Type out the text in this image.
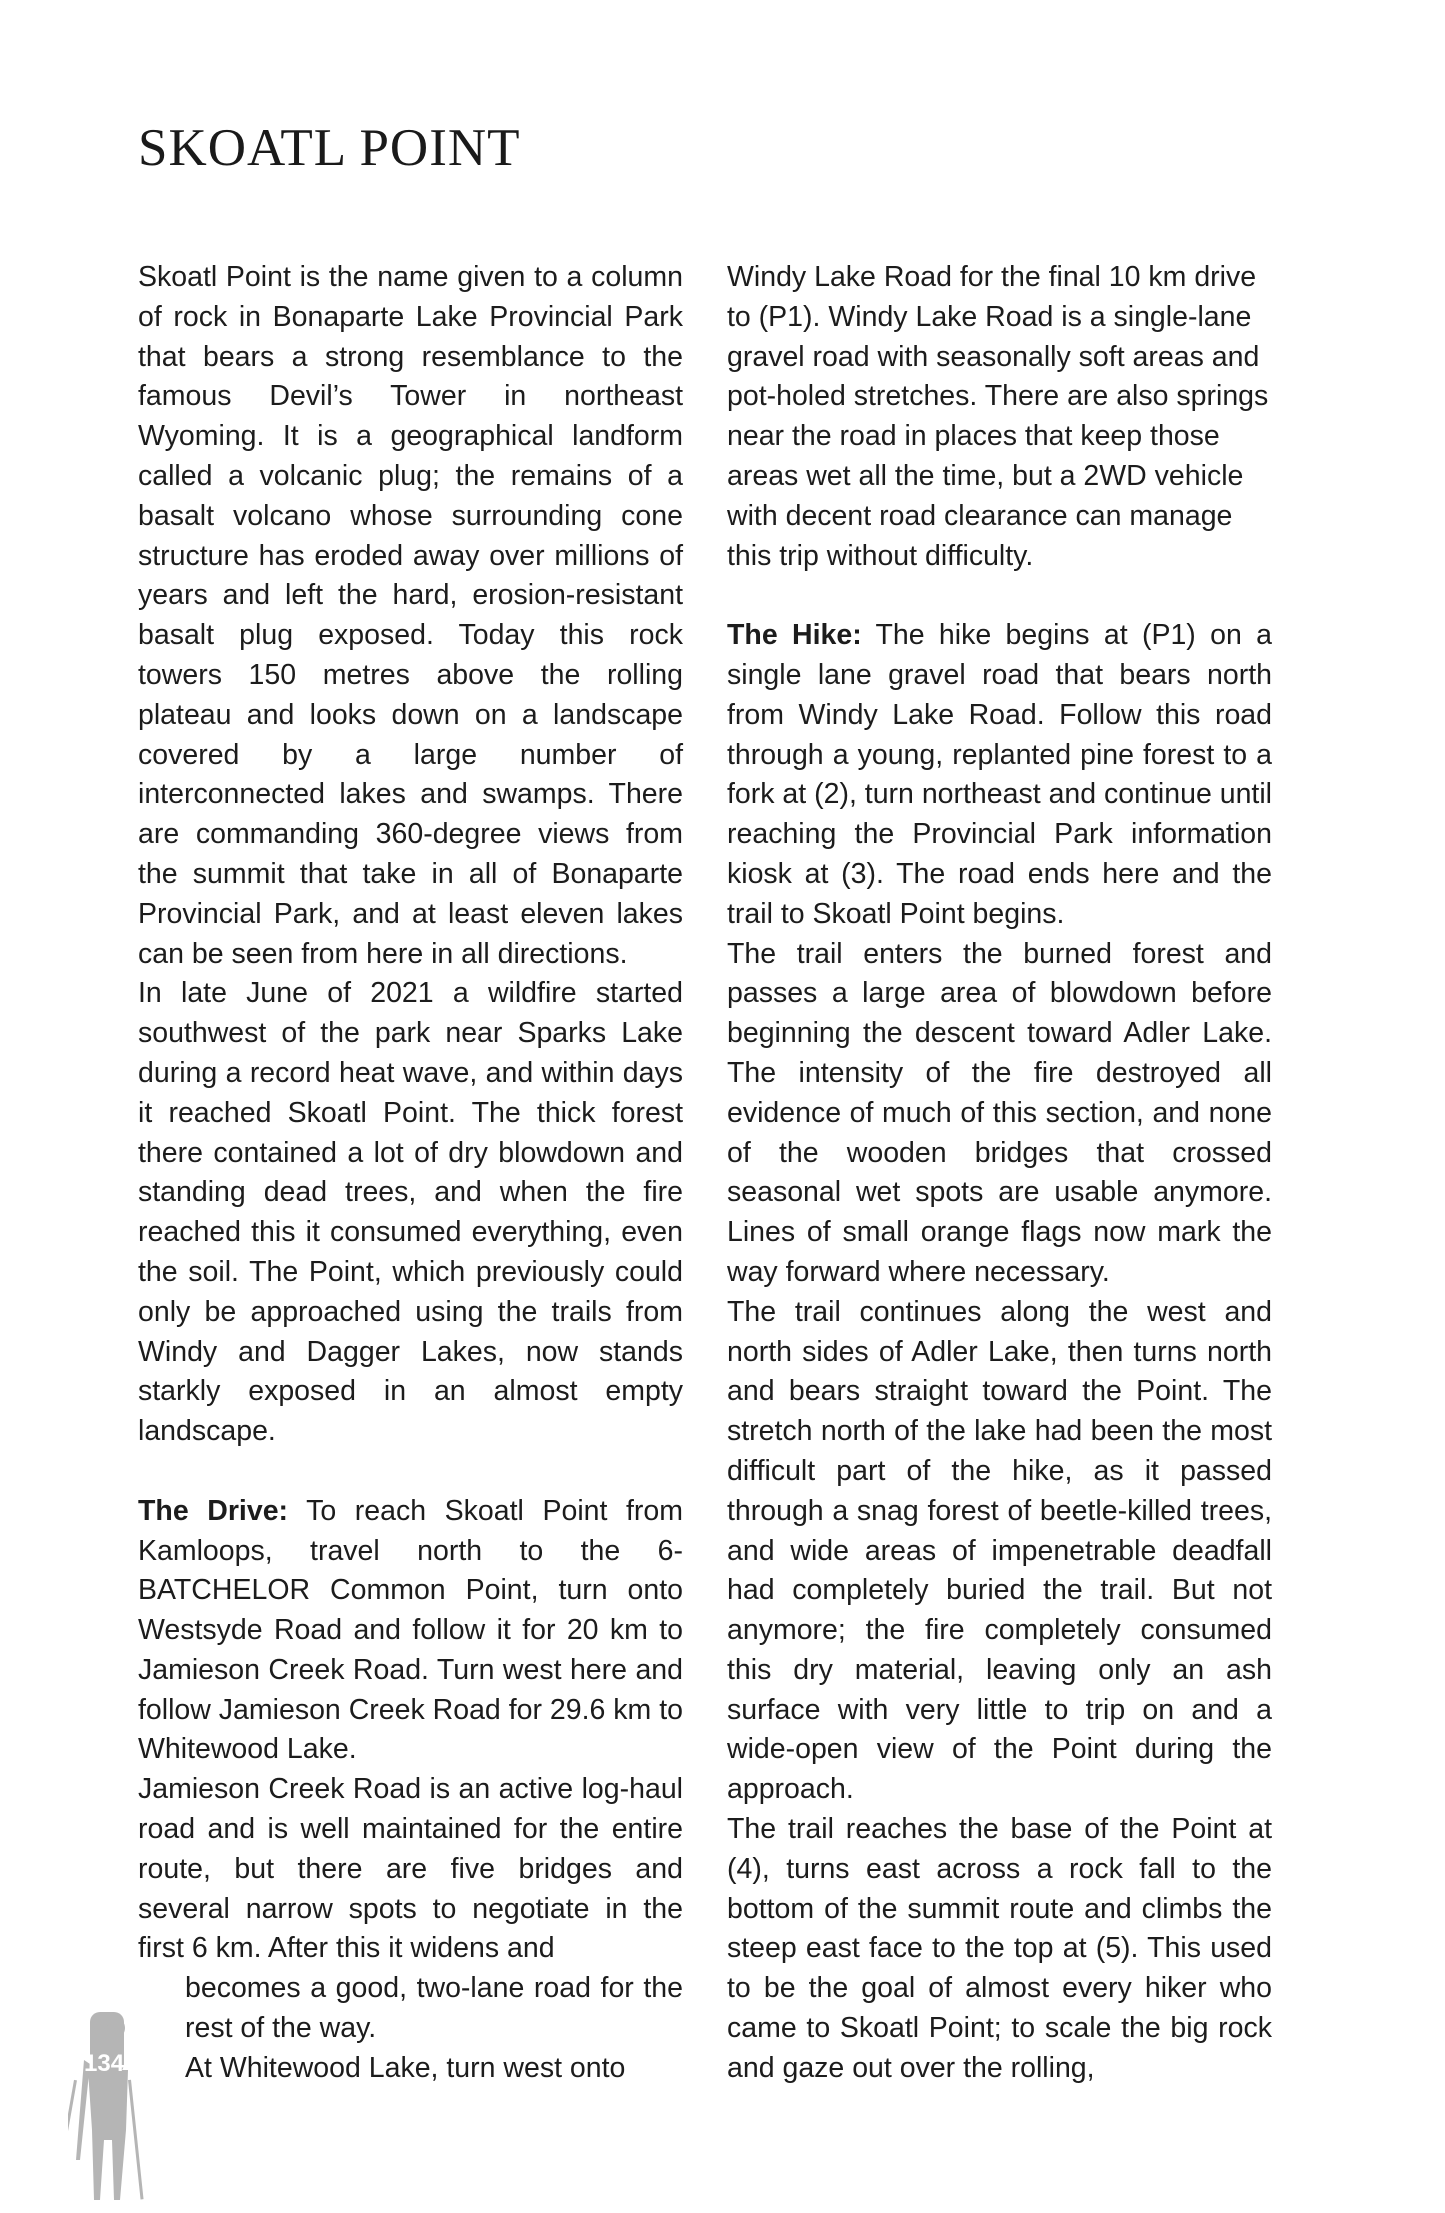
SKOATL POINT

Skoatl Point is the name given to a column of rock in Bonaparte Lake Provincial Park that bears a strong resemblance to the famous Devil’s Tower in northeast Wyoming. It is a geographical landform called a volcanic plug; the remains of a basalt volcano whose surrounding cone structure has eroded away over millions of years and left the hard, erosion-resistant basalt plug exposed. Today this rock towers 150 metres above the rolling plateau and looks down on a landscape covered by a large number of interconnected lakes and swamps. There are commanding 360-degree views from the summit that take in all of Bonaparte Provincial Park, and at least eleven lakes can be seen from here in all directions.

In late June of 2021 a wildfire started southwest of the park near Sparks Lake during a record heat wave, and within days it reached Skoatl Point. The thick forest there contained a lot of dry blowdown and standing dead trees, and when the fire reached this it consumed everything, even the soil. The Point, which previously could only be approached using the trails from Windy and Dagger Lakes, now stands starkly exposed in an almost empty landscape.

The Drive: To reach Skoatl Point from Kamloops, travel north to the 6-BATCHELOR Common Point, turn onto Westsyde Road and follow it for 20 km to Jamieson Creek Road. Turn west here and follow Jamieson Creek Road for 29.6 km to Whitewood Lake.

Jamieson Creek Road is an active log-haul road and is well maintained for the entire route, but there are five bridges and several narrow spots to negotiate in the first 6 km. After this it widens and

becomes a good, two-lane road for the rest of the way.

At Whitewood Lake, turn west onto

Windy Lake Road for the final 10 km drive to (P1). Windy Lake Road is a single-lane gravel road with seasonally soft areas and pot-holed stretches. There are also springs near the road in places that keep those areas wet all the time, but a 2WD vehicle with decent road clearance can manage this trip without difficulty.

The Hike: The hike begins at (P1) on a single lane gravel road that bears north from Windy Lake Road. Follow this road through a young, replanted pine forest to a fork at (2), turn northeast and continue until reaching the Provincial Park information kiosk at (3). The road ends here and the trail to Skoatl Point begins.

The trail enters the burned forest and passes a large area of blowdown before beginning the descent toward Adler Lake. The intensity of the fire destroyed all evidence of much of this section, and none of the wooden bridges that crossed seasonal wet spots are usable anymore. Lines of small orange flags now mark the way forward where necessary.

The trail continues along the west and north sides of Adler Lake, then turns north and bears straight toward the Point. The stretch north of the lake had been the most difficult part of the hike, as it passed through a snag forest of beetle-killed trees, and wide areas of impenetrable deadfall had completely buried the trail. But not anymore; the fire completely consumed this dry material, leaving only an ash surface with very little to trip on and a wide-open view of the Point during the approach.

The trail reaches the base of the Point at (4), turns east across a rock fall to the bottom of the summit route and climbs the steep east face to the top at (5). This used to be the goal of almost every hiker who came to Skoatl Point; to scale the big rock and gaze out over the rolling,

134
